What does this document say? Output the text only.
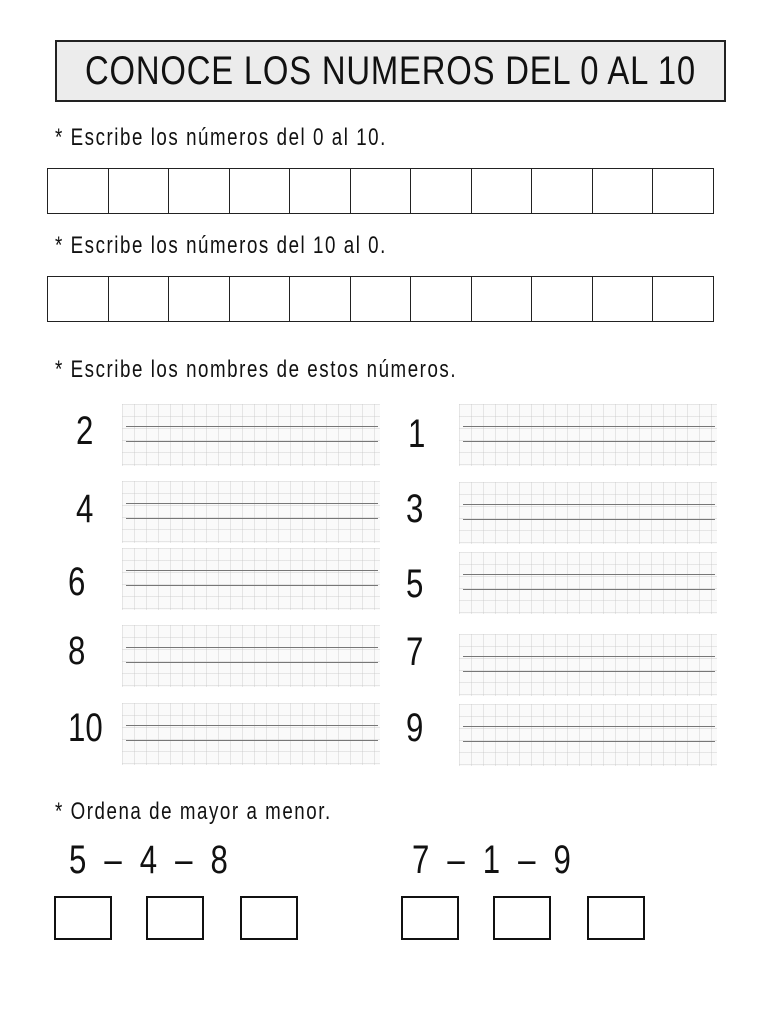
CONOCE LOS NUMEROS DEL 0 AL 10
* Escribe los números del 0 al 10.
* Escribe los números del 10 al 0.
* Escribe los nombres de estos números.
2
4
6
8
10
1
3
5
7
9
* Ordena de mayor a menor.
5 – 4 – 8	7 – 1 – 9
